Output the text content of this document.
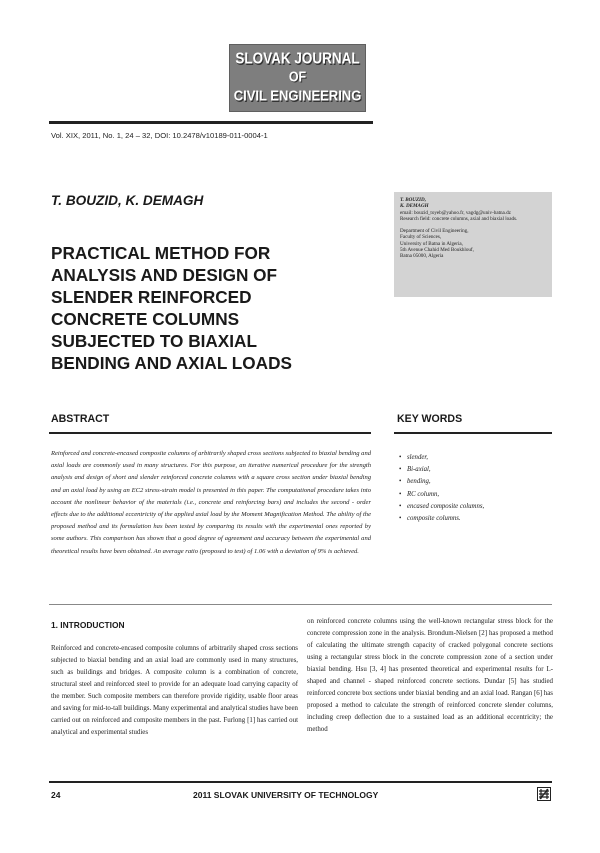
SLOVAK JOURNAL
OF
CIVIL ENGINEERING
Vol. XIX, 2011, No. 1, 24 – 32, DOI: 10.2478/v10189-011-0004-1
T. BOUZID, K. DEMAGH
PRACTICAL METHOD FOR
ANALYSIS AND DESIGN OF
SLENDER REINFORCED
CONCRETE COLUMNS
SUBJECTED TO BIAXIAL
BENDING AND AXIAL LOADS
T. BOUZID,
K. DEMAGH
email: bouzid_toyeb@yahoo.fr, vagdg@univ-batna.dz
Research field: concrete columns, axial and biaxial loads.
Department of Civil Engineering,
Faculty of Sciences,
University of Batna in Algeria,
5th Avenue Chahid Med Boukhlouf,
Batna 05000, Algeria
ABSTRACT	KEY WORDS

Reinforced and concrete-encased composite columns of arbitrarily shaped cross sections subjected to biaxial bending and axial loads are commonly used in many structures. For this purpose, an iterative numerical procedure for the strength analysis and design of short and slender reinforced concrete columns with a square cross section under biaxial bending and an axial load by using an EC2 stress-strain model is presented in this paper. The computational procedure takes into account the nonlinear behavior of the materials (i.e., concrete and reinforcing bars) and includes the second - order effects due to the additional eccentricity of the applied axial load by the Moment Magnification Method. The ability of the proposed method and its formulation has been tested by comparing its results with the experimental ones reported by some authors. This comparison has shown that a good degree of agreement and accuracy between the experimental and theoretical results have been obtained. An average ratio (proposed to test) of 1.06 with a deviation of 9% is achieved.

• slender,
• Bi-axial,
• bending,
• RC column,
• encased composite columns,
• composite columns.
1. INTRODUCTION

Reinforced and concrete-encased composite columns of arbitrarily shaped cross sections subjected to biaxial bending and an axial load are commonly used in many structures, such as buildings and bridges. A composite column is a combination of concrete, structural steel and reinforced steel to provide for an adequate load carrying capacity of the member. Such composite members can therefore provide rigidity, usable floor areas and saving for mid-to-tall buildings. Many experimental and analytical studies have been carried out on reinforced and composite members in the past. Furlong [1] has carried out analytical and experimental studies

on reinforced concrete columns using the well-known rectangular stress block for the concrete compression zone in the analysis. Brondum-Nielsen [2] has proposed a method of calculating the ultimate strength capacity of cracked polygonal concrete sections using a rectangular stress block in the concrete compression zone of a section under biaxial bending. Hsu [3, 4] has presented theoretical and experimental results for L-shaped and channel - shaped reinforced concrete sections. Dundar [5] has studied reinforced concrete box sections under biaxial bending and an axial load. Rangan [6] has proposed a method to calculate the strength of reinforced concrete slender columns, including creep deflection due to a sustained load as an additional eccentricity; the method

24	2011 SLOVAK UNIVERSITY OF TECHNOLOGY
